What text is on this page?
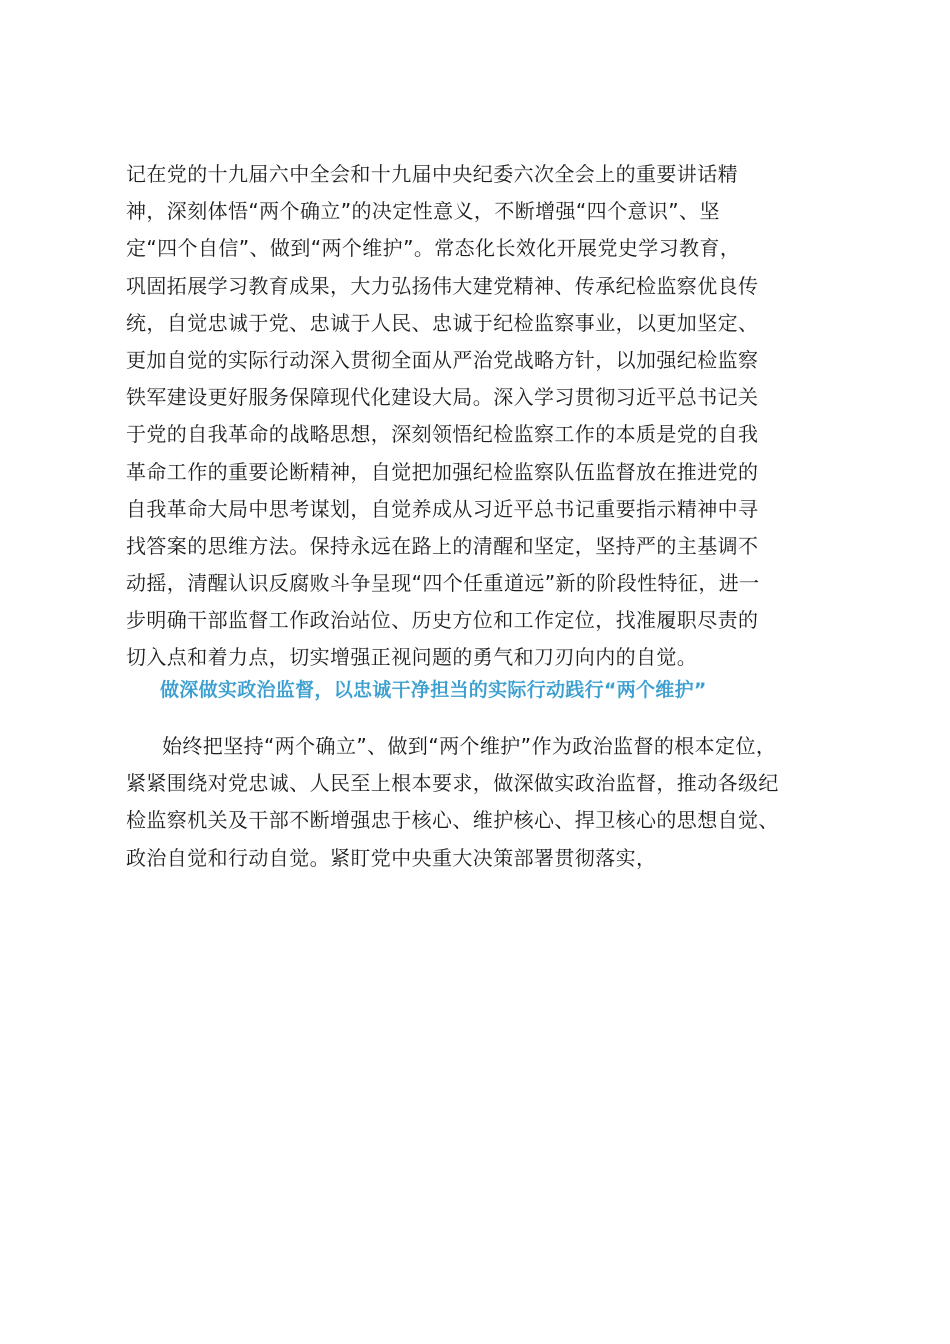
记在党的十九届六中全会和十九届中央纪委六次全会上的重要讲话精
神，深刻体悟“两个确立”的决定性意义，不断增强“四个意识”、坚
定“四个自信”、做到“两个维护”。常态化长效化开展党史学习教育，
巩固拓展学习教育成果，大力弘扬伟大建党精神、传承纪检监察优良传
统，自觉忠诚于党、忠诚于人民、忠诚于纪检监察事业，以更加坚定、
更加自觉的实际行动深入贯彻全面从严治党战略方针，以加强纪检监察
铁军建设更好服务保障现代化建设大局。深入学习贯彻习近平总书记关
于党的自我革命的战略思想，深刻领悟纪检监察工作的本质是党的自我
革命工作的重要论断精神，自觉把加强纪检监察队伍监督放在推进党的
自我革命大局中思考谋划，自觉养成从习近平总书记重要指示精神中寻
找答案的思维方法。保持永远在路上的清醒和坚定，坚持严的主基调不
动摇，清醒认识反腐败斗争呈现“四个任重道远”新的阶段性特征，进一
步明确干部监督工作政治站位、历史方位和工作定位，找准履职尽责的
切入点和着力点，切实增强正视问题的勇气和刀刃向内的自觉。
做深做实政治监督，以忠诚干净担当的实际行动践行“两个维护”
始终把坚持“两个确立”、做到“两个维护”作为政治监督的根本定位，
紧紧围绕对党忠诚、人民至上根本要求，做深做实政治监督，推动各级纪
检监察机关及干部不断增强忠于核心、维护核心、捍卫核心的思想自觉、
政治自觉和行动自觉。紧盯党中央重大决策部署贯彻落实，
